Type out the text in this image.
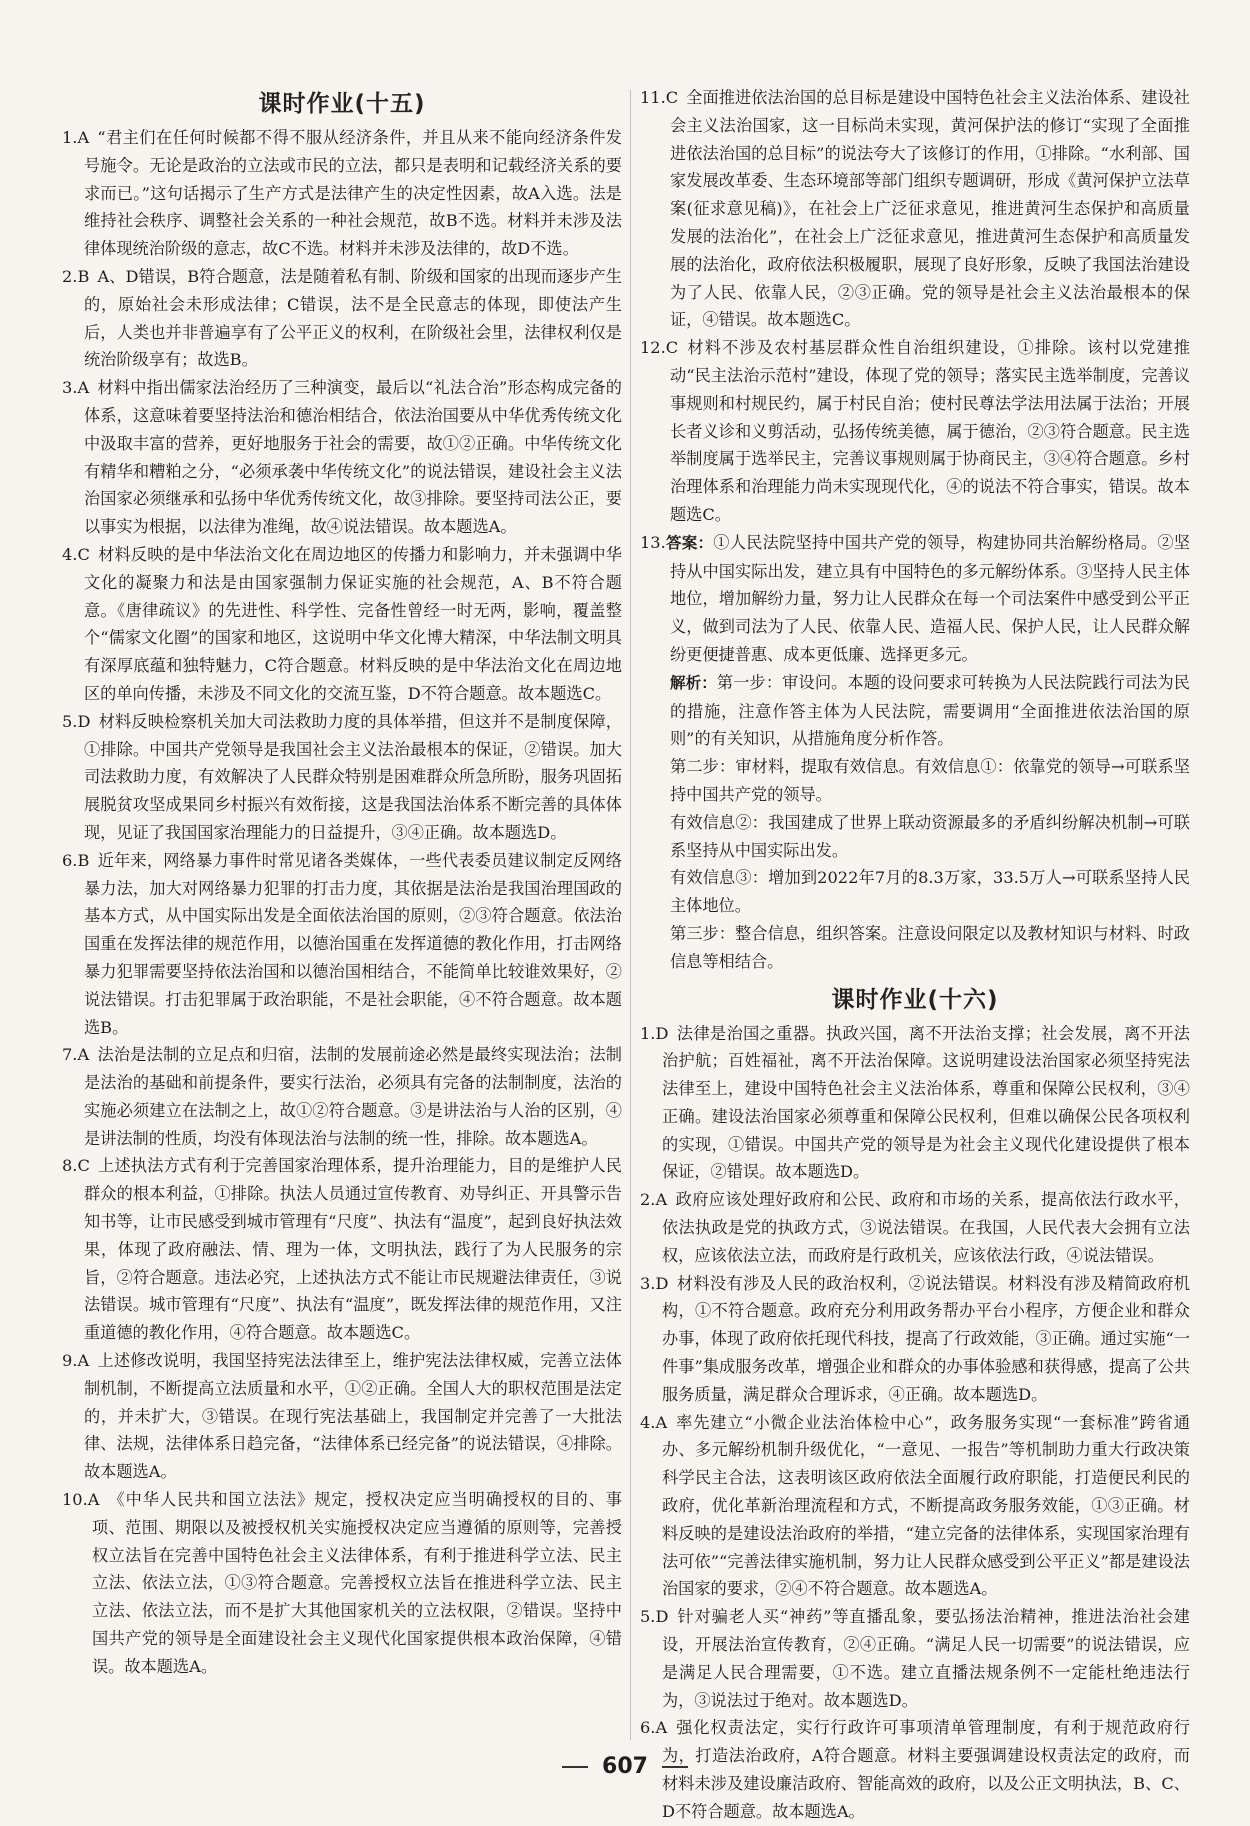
课时作业(十五)

1.A  “君主们在任何时候都不得不服从经济条件，并且从来不能向经济条件发号施令。无论是政治的立法或市民的立法，都只是表明和记载经济关系的要求而已。”这句话揭示了生产方式是法律产生的决定性因素，故A入选。法是维持社会秩序、调整社会关系的一种社会规范，故B不选。材料并未涉及法律体现统治阶级的意志，故C不选。材料并未涉及法律的，故D不选。

2.B  A、D错误，B符合题意，法是随着私有制、阶级和国家的出现而逐步产生的，原始社会未形成法律；C错误，法不是全民意志的体现，即使法产生后，人类也并非普遍享有了公平正义的权利，在阶级社会里，法律权利仅是统治阶级享有；故选B。

3.A  材料中指出儒家法治经历了三种演变，最后以“礼法合治”形态构成完备的体系，这意味着要坚持法治和德治相结合，依法治国要从中华优秀传统文化中汲取丰富的营养，更好地服务于社会的需要，故①②正确。中华传统文化有精华和糟粕之分，“必须承袭中华传统文化”的说法错误，建设社会主义法治国家必须继承和弘扬中华优秀传统文化，故③排除。要坚持司法公正，要以事实为根据，以法律为准绳，故④说法错误。故本题选A。

4.C  材料反映的是中华法治文化在周边地区的传播力和影响力，并未强调中华文化的凝聚力和法是由国家强制力保证实施的社会规范，A、B不符合题意。《唐律疏议》的先进性、科学性、完备性曾经一时无两，影响，覆盖整个“儒家文化圈”的国家和地区，这说明中华文化博大精深，中华法制文明具有深厚底蕴和独特魅力，C符合题意。材料反映的是中华法治文化在周边地区的单向传播，未涉及不同文化的交流互鉴，D不符合题意。故本题选C。

5.D  材料反映检察机关加大司法救助力度的具体举措，但这并不是制度保障，①排除。中国共产党领导是我国社会主义法治最根本的保证，②错误。加大司法救助力度，有效解决了人民群众特别是困难群众所急所盼，服务巩固拓展脱贫攻坚成果同乡村振兴有效衔接，这是我国法治体系不断完善的具体体现，见证了我国国家治理能力的日益提升，③④正确。故本题选D。

6.B  近年来，网络暴力事件时常见诸各类媒体，一些代表委员建议制定反网络暴力法，加大对网络暴力犯罪的打击力度，其依据是法治是我国治理国政的基本方式，从中国实际出发是全面依法治国的原则，②③符合题意。依法治国重在发挥法律的规范作用，以德治国重在发挥道德的教化作用，打击网络暴力犯罪需要坚持依法治国和以德治国相结合，不能简单比较谁效果好，②说法错误。打击犯罪属于政治职能，不是社会职能，④不符合题意。故本题选B。

7.A  法治是法制的立足点和归宿，法制的发展前途必然是最终实现法治；法制是法治的基础和前提条件，要实行法治，必须具有完备的法制制度，法治的实施必须建立在法制之上，故①②符合题意。③是讲法治与人治的区别，④是讲法制的性质，均没有体现法治与法制的统一性，排除。故本题选A。

8.C  上述执法方式有利于完善国家治理体系，提升治理能力，目的是维护人民群众的根本利益，①排除。执法人员通过宣传教育、劝导纠正、开具警示告知书等，让市民感受到城市管理有“尺度”、执法有“温度”，起到良好执法效果，体现了政府融法、情、理为一体，文明执法，践行了为人民服务的宗旨，②符合题意。违法必究，上述执法方式不能让市民规避法律责任，③说法错误。城市管理有“尺度”、执法有“温度”，既发挥法律的规范作用，又注重道德的教化作用，④符合题意。故本题选C。

9.A  上述修改说明，我国坚持宪法法律至上，维护宪法法律权威，完善立法体制机制，不断提高立法质量和水平，①②正确。全国人大的职权范围是法定的，并未扩大，③错误。在现行宪法基础上，我国制定并完善了一大批法律、法规，法律体系日趋完备，“法律体系已经完备”的说法错误，④排除。故本题选A。

10.A  《中华人民共和国立法法》规定，授权决定应当明确授权的目的、事项、范围、期限以及被授权机关实施授权决定应当遵循的原则等，完善授权立法旨在完善中国特色社会主义法律体系，有利于推进科学立法、民主立法、依法立法，①③符合题意。完善授权立法旨在推进科学立法、民主立法、依法立法，而不是扩大其他国家机关的立法权限，②错误。坚持中国共产党的领导是全面建设社会主义现代化国家提供根本政治保障，④错误。故本题选A。

11.C  全面推进依法治国的总目标是建设中国特色社会主义法治体系、建设社会主义法治国家，这一目标尚未实现，黄河保护法的修订“实现了全面推进依法治国的总目标”的说法夸大了该修订的作用，①排除。“水利部、国家发展改革委、生态环境部等部门组织专题调研，形成《黄河保护立法草案(征求意见稿)》，在社会上广泛征求意见，推进黄河生态保护和高质量发展的法治化”，在社会上广泛征求意见，推进黄河生态保护和高质量发展的法治化，政府依法积极履职，展现了良好形象，反映了我国法治建设为了人民、依靠人民，②③正确。党的领导是社会主义法治最根本的保证，④错误。故本题选C。

12.C  材料不涉及农村基层群众性自治组织建设，①排除。该村以党建推动“民主法治示范村”建设，体现了党的领导；落实民主选举制度，完善议事规则和村规民约，属于村民自治；使村民尊法学法用法属于法治；开展长者义诊和义剪活动，弘扬传统美德，属于德治，②③符合题意。民主选举制度属于选举民主，完善议事规则属于协商民主，③④符合题意。乡村治理体系和治理能力尚未实现现代化，④的说法不符合事实，错误。故本题选C。

13.答案：①人民法院坚持中国共产党的领导，构建协同共治解纷格局。②坚持从中国实际出发，建立具有中国特色的多元解纷体系。③坚持人民主体地位，增加解纷力量，努力让人民群众在每一个司法案件中感受到公平正义，做到司法为了人民、依靠人民、造福人民、保护人民，让人民群众解纷更便捷普惠、成本更低廉、选择更多元。

解析：第一步：审设问。本题的设问要求可转换为人民法院践行司法为民的措施，注意作答主体为人民法院，需要调用“全面推进依法治国的原则”的有关知识，从措施角度分析作答。

第二步：审材料，提取有效信息。有效信息①：依靠党的领导→可联系坚持中国共产党的领导。

有效信息②：我国建成了世界上联动资源最多的矛盾纠纷解决机制→可联系坚持从中国实际出发。

有效信息③：增加到2022年7月的8.3万家，33.5万人→可联系坚持人民主体地位。

第三步：整合信息，组织答案。注意设问限定以及教材知识与材料、时政信息等相结合。

课时作业(十六)

1.D  法律是治国之重器。执政兴国，离不开法治支撑；社会发展，离不开法治护航；百姓福祉，离不开法治保障。这说明建设法治国家必须坚持宪法法律至上，建设中国特色社会主义法治体系，尊重和保障公民权利，③④正确。建设法治国家必须尊重和保障公民权利，但难以确保公民各项权利的实现，①错误。中国共产党的领导是为社会主义现代化建设提供了根本保证，②错误。故本题选D。

2.A  政府应该处理好政府和公民、政府和市场的关系，提高依法行政水平，依法执政是党的执政方式，③说法错误。在我国，人民代表大会拥有立法权，应该依法立法，而政府是行政机关，应该依法行政，④说法错误。

3.D  材料没有涉及人民的政治权利，②说法错误。材料没有涉及精简政府机构，①不符合题意。政府充分利用政务帮办平台小程序，方便企业和群众办事，体现了政府依托现代科技，提高了行政效能，③正确。通过实施“一件事”集成服务改革，增强企业和群众的办事体验感和获得感，提高了公共服务质量，满足群众合理诉求，④正确。故本题选D。

4.A  率先建立“小微企业法治体检中心”，政务服务实现“一套标准”跨省通办、多元解纷机制升级优化，“一意见、一报告”等机制助力重大行政决策科学民主合法，这表明该区政府依法全面履行政府职能，打造便民利民的政府，优化革新治理流程和方式，不断提高政务服务效能，①③正确。材料反映的是建设法治政府的举措，“建立完备的法律体系，实现国家治理有法可依”“完善法律实施机制，努力让人民群众感受到公平正义”都是建设法治国家的要求，②④不符合题意。故本题选A。

5.D  针对骗老人买“神药”等直播乱象，要弘扬法治精神，推进法治社会建设，开展法治宣传教育，②④正确。“满足人民一切需要”的说法错误，应是满足人民合理需要，①不选。建立直播法规条例不一定能杜绝违法行为，③说法过于绝对。故本题选D。

6.A  强化权责法定，实行行政许可事项清单管理制度，有利于规范政府行为，打造法治政府，A符合题意。材料主要强调建设权责法定的政府，而材料未涉及建设廉洁政府、智能高效的政府，以及公正文明执法，B、C、D不符合题意。故本题选A。

607
